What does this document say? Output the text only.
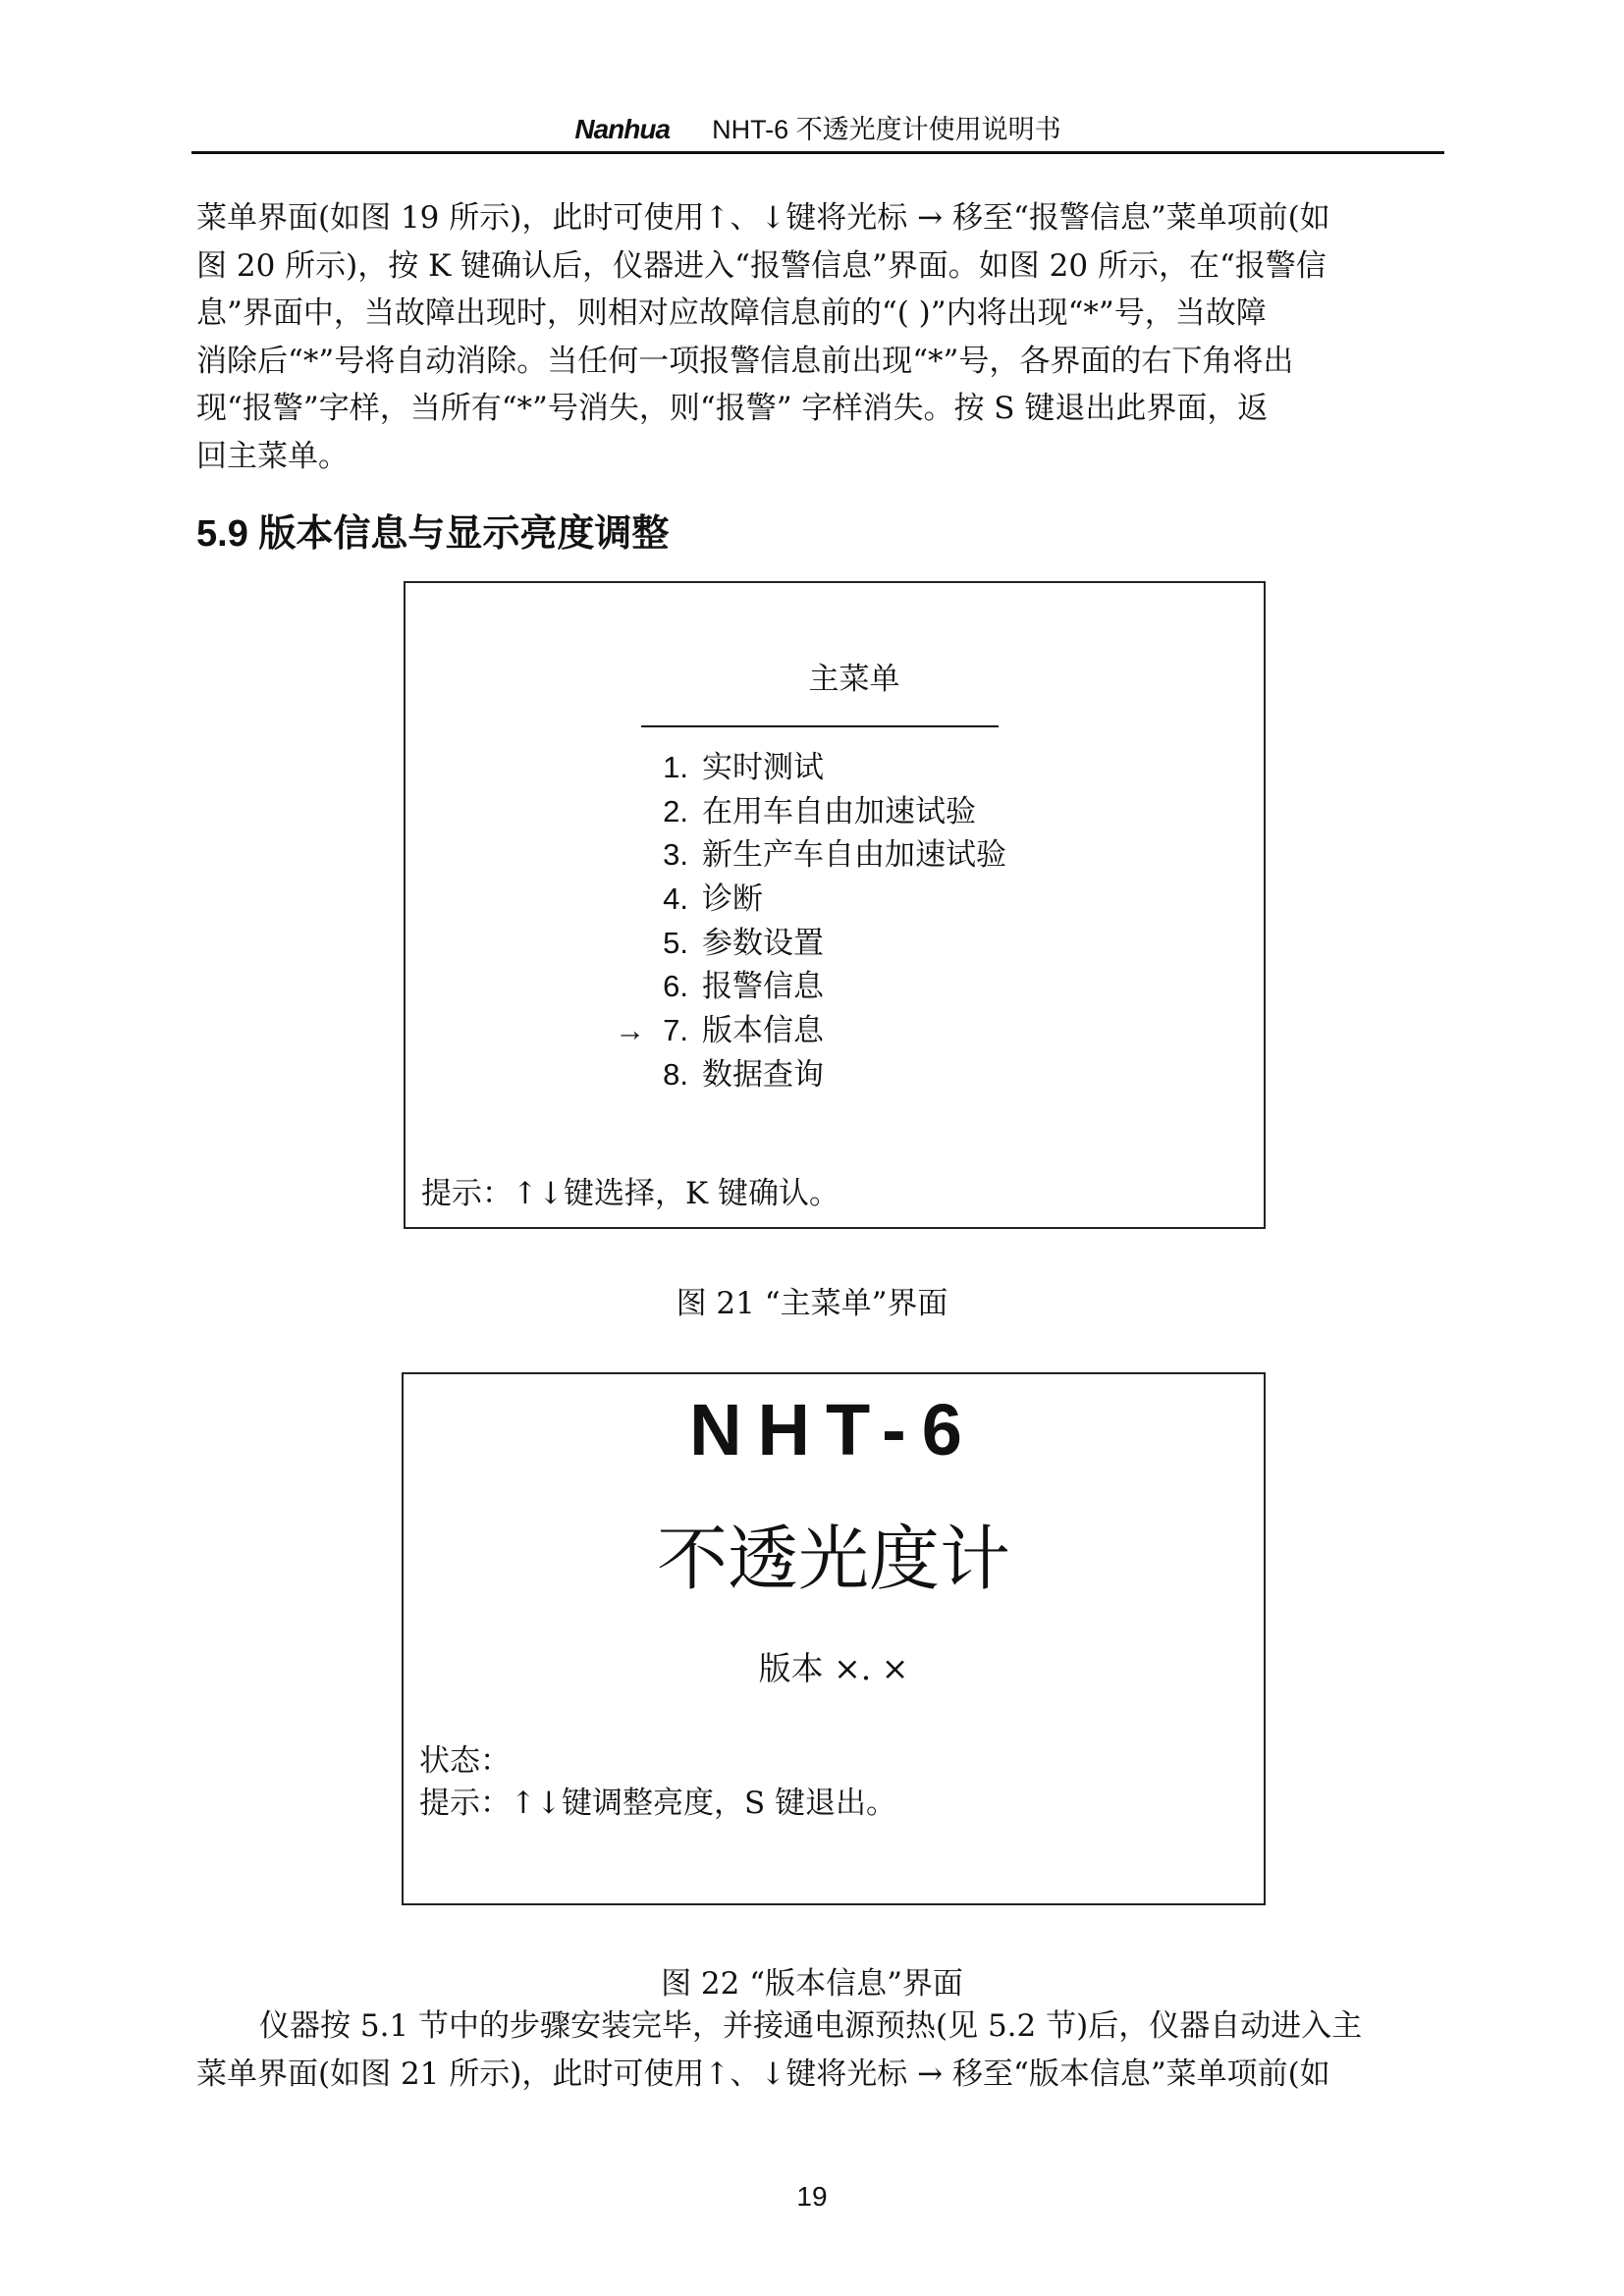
Nanhua NHT-6 不透光度计使用说明书
菜单界面(如图 19 所示)，此时可使用↑、↓键将光标 → 移至“报警信息”菜单项前(如
图 20 所示)，按 K 键确认后，仪器进入“报警信息”界面。如图 20 所示，在“报警信
息”界面中，当故障出现时，则相对应故障信息前的“( )”内将出现“*”号，当故障
消除后“*”号将自动消除。当任何一项报警信息前出现“*”号，各界面的右下角将出
现“报警”字样，当所有“*”号消失，则“报警” 字样消失。按 S 键退出此界面，返
回主菜单。
5.9 版本信息与显示亮度调整
主菜单
1. 实时测试
2. 在用车自由加速试验
3. 新生产车自由加速试验
4. 诊断
5. 参数设置
6. 报警信息
→ 7. 版本信息
8. 数据查询
提示：↑↓键选择，K 键确认。
图 21 “主菜单”界面
NHT-6
不透光度计
版本 ×. ×
状态：
提示：↑↓键调整亮度，S 键退出。
图 22 “版本信息”界面
仪器按 5.1 节中的步骤安装完毕，并接通电源预热(见 5.2 节)后，仪器自动进入主
菜单界面(如图 21 所示)，此时可使用↑、↓键将光标 → 移至“版本信息”菜单项前(如
19
